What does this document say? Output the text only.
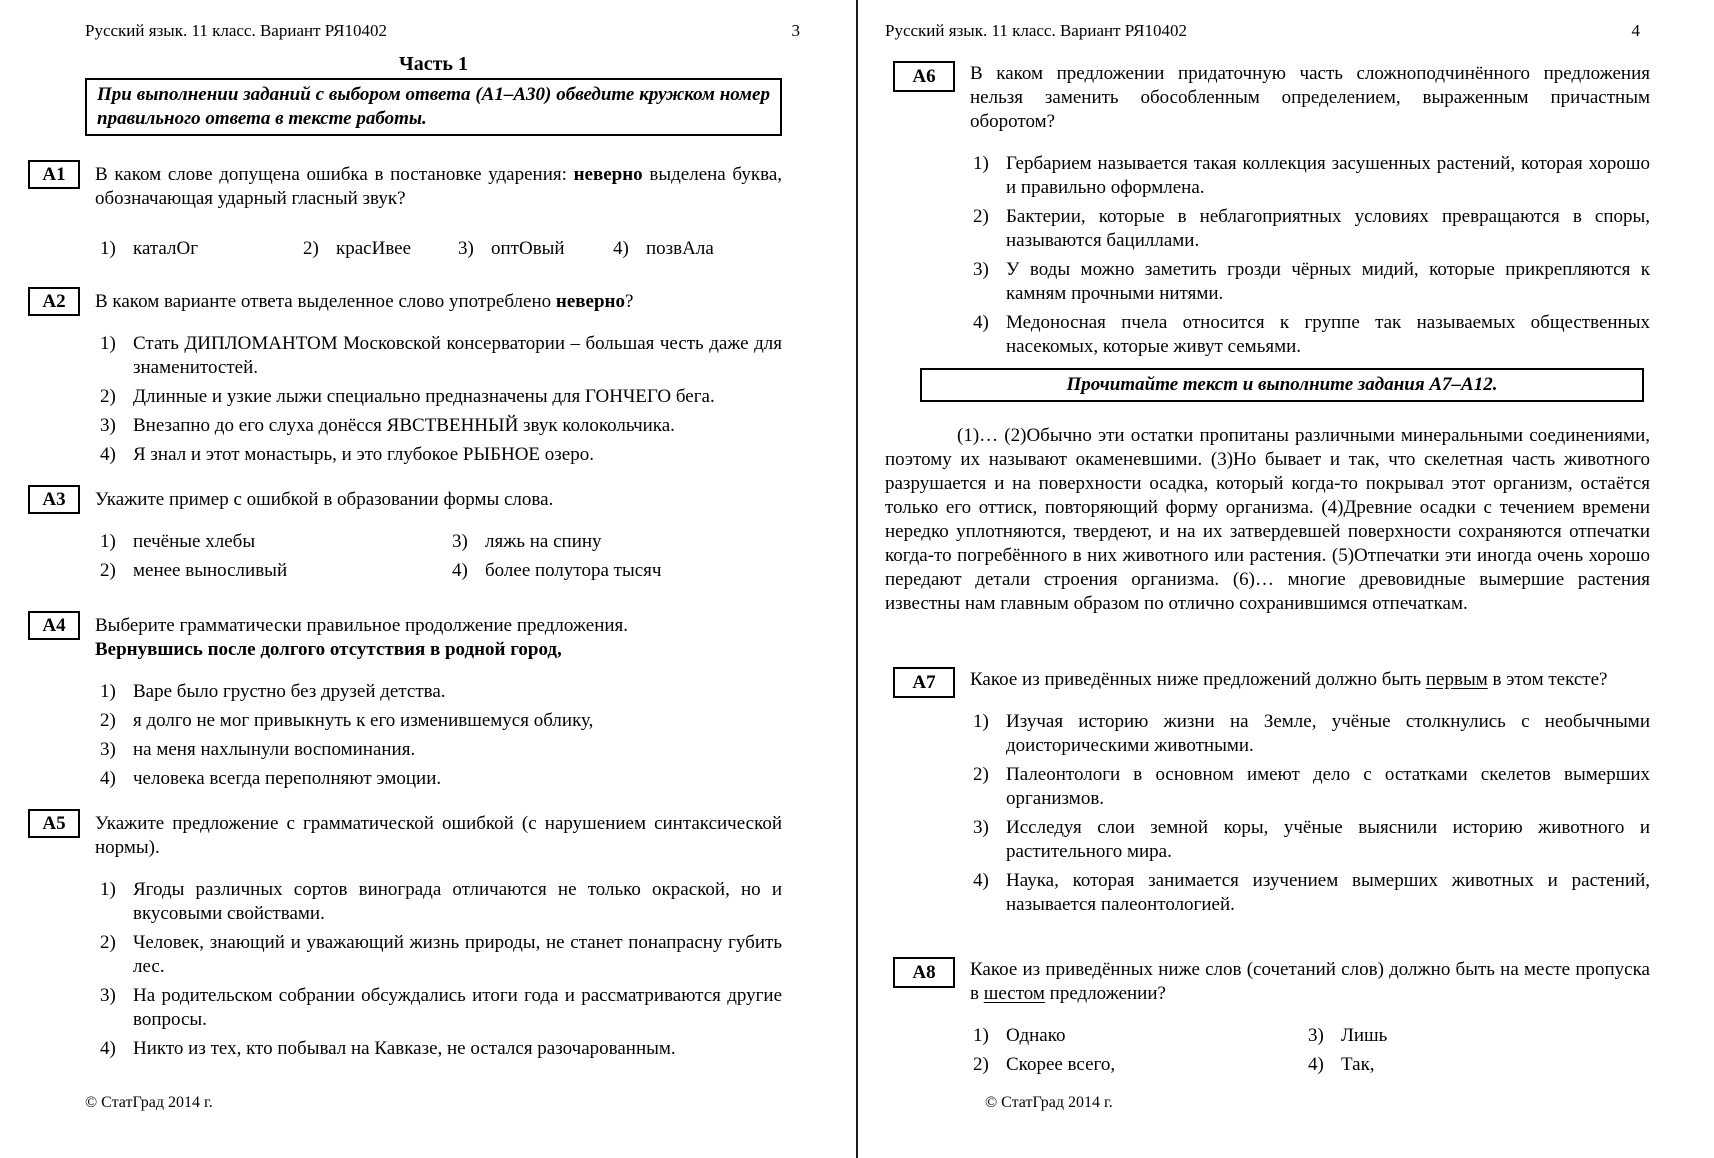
Русский язык. 11 класс. Вариант РЯ10402	3
Часть 1
При выполнении заданий с выбором ответа (А1–А30) обведите кружком номер правильного ответа в тексте работы.
А1	В каком слове допущена ошибка в постановке ударения: неверно выделена буква, обозначающая ударный гласный звук?

1) каталОг	2) красИвее 3) оптОвый	4) позвАла
А2	В каком варианте ответа выделенное слово употреблено неверно?

1) Стать ДИПЛОМАНТОМ Московской консерватории – большая честь даже для знаменитостей.
2) Длинные и узкие лыжи специально предназначены для ГОНЧЕГО бега.
3) Внезапно до его слуха донёсся ЯВСТВЕННЫЙ звук колокольчика.
4) Я знал и этот монастырь, и это глубокое РЫБНОЕ озеро.
А3	Укажите пример с ошибкой в образовании формы слова.

1) печёные хлебы	3) ляжь на спину
2) менее выносливый	4) более полутора тысяч
А4	Выберите грамматически правильное продолжение предложения.

Вернувшись после долгого отсутствия в родной город,

1) Варе было грустно без друзей детства.
2) я долго не мог привыкнуть к его изменившемуся облику,
3) на меня нахлынули воспоминания.
4) человека всегда переполняют эмоции.
А5	Укажите предложение с грамматической ошибкой (с нарушением синтаксической нормы).

1) Ягоды различных сортов винограда отличаются не только окраской, но и вкусовыми свойствами.
2) Человек, знающий и уважающий жизнь природы, не станет понапрасну губить лес.
3) На родительском собрании обсуждались итоги года и рассматриваются другие вопросы.
4) Никто из тех, кто побывал на Кавказе, не остался разочарованным.
© СтатГрад 2014 г.
Русский язык. 11 класс. Вариант РЯ10402	4
А6	В каком предложении придаточную часть сложноподчинённого предложения нельзя заменить обособленным определением, выраженным причастным оборотом?

1) Гербарием называется такая коллекция засушенных растений, которая хорошо и правильно оформлена.
2) Бактерии, которые в неблагоприятных условиях превращаются в споры, называются бациллами.
3) У воды можно заметить грозди чёрных мидий, которые прикрепляются к камням прочными нитями.
4) Медоносная пчела относится к группе так называемых общественных насекомых, которые живут семьями.
Прочитайте текст и выполните задания А7–А12.

(1)… (2)Обычно эти остатки пропитаны различными минеральными соединениями, поэтому их называют окаменевшими. (3)Но бывает и так, что скелетная часть животного разрушается и на поверхности осадка, который когда-то покрывал этот организм, остаётся только его оттиск, повторяющий форму организма. (4)Древние осадки с течением времени нередко уплотняются, твердеют, и на их затвердевшей поверхности сохраняются отпечатки когда-то погребённого в них животного или растения. (5)Отпечатки эти иногда очень хорошо передают детали строения организма. (6)… многие древовидные вымершие растения известны нам главным образом по отлично сохранившимся отпечаткам.

А7	Какое из приведённых ниже предложений должно быть первым в этом тексте?

1) Изучая историю жизни на Земле, учёные столкнулись с необычными доисторическими животными.
2) Палеонтологи в основном имеют дело с остатками скелетов вымерших организмов.
3) Исследуя слои земной коры, учёные выяснили историю животного и растительного мира.
4) Наука, которая занимается изучением вымерших животных и растений, называется палеонтологией.
А8	Какое из приведённых ниже слов (сочетаний слов) должно быть на месте пропуска в шестом предложении?

1) Однако	3) Лишь
2) Скорее всего,	4) Так,
© СтатГрад 2014 г.
